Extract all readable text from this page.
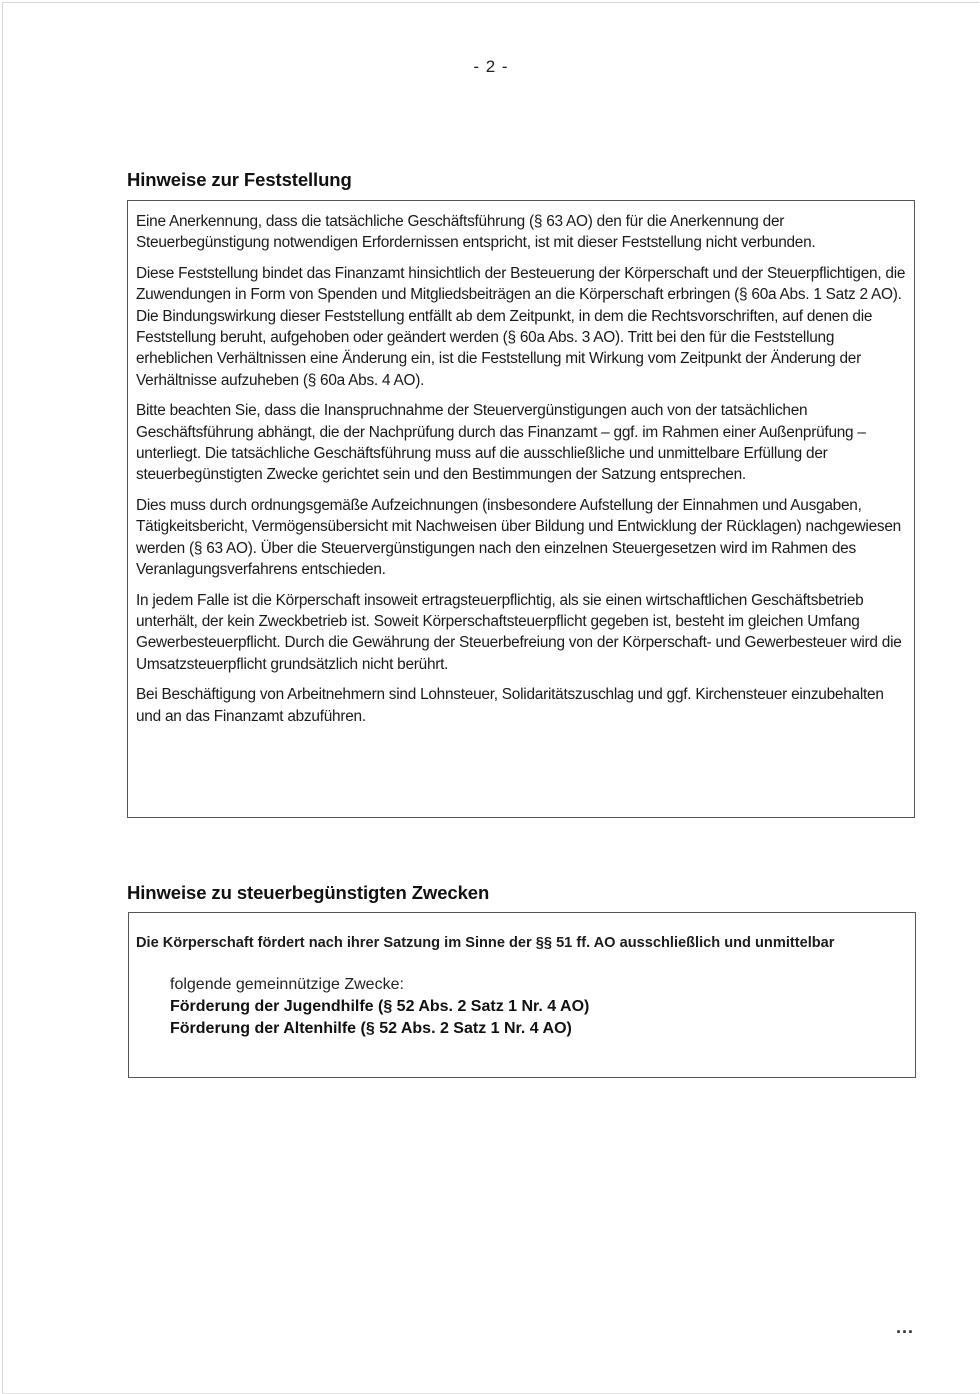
- 2 -
Hinweise zur Feststellung

Eine Anerkennung, dass die tatsächliche Geschäftsführung (§ 63 AO) den für die Anerkennung der Steuerbegünstigung notwendigen Erfordernissen entspricht, ist mit dieser Feststellung nicht verbunden.

Diese Feststellung bindet das Finanzamt hinsichtlich der Besteuerung der Körperschaft und der Steuerpflichtigen, die Zuwendungen in Form von Spenden und Mitgliedsbeiträgen an die Körperschaft erbringen (§ 60a Abs. 1 Satz 2 AO). Die Bindungswirkung dieser Feststellung entfällt ab dem Zeitpunkt, in dem die Rechtsvorschriften, auf denen die Feststellung beruht, aufgehoben oder geändert werden (§ 60a Abs. 3 AO). Tritt bei den für die Feststellung erheblichen Verhältnissen eine Änderung ein, ist die Feststellung mit Wirkung vom Zeitpunkt der Änderung der Verhältnisse aufzuheben (§ 60a Abs. 4 AO).

Bitte beachten Sie, dass die Inanspruchnahme der Steuervergünstigungen auch von der tatsächlichen Geschäftsführung abhängt, die der Nachprüfung durch das Finanzamt – ggf. im Rahmen einer Außenprüfung – unterliegt. Die tatsächliche Geschäftsführung muss auf die ausschließliche und unmittelbare Erfüllung der steuerbegünstigten Zwecke gerichtet sein und den Bestimmungen der Satzung entsprechen.

Dies muss durch ordnungsgemäße Aufzeichnungen (insbesondere Aufstellung der Einnahmen und Ausgaben, Tätigkeitsbericht, Vermögensübersicht mit Nachweisen über Bildung und Entwicklung der Rücklagen) nachgewiesen werden (§ 63 AO). Über die Steuervergünstigungen nach den einzelnen Steuergesetzen wird im Rahmen des Veranlagungsverfahrens entschieden.

In jedem Falle ist die Körperschaft insoweit ertragsteuerpflichtig, als sie einen wirtschaftlichen Geschäftsbetrieb unterhält, der kein Zweckbetrieb ist. Soweit Körperschaftsteuerpflicht gegeben ist, besteht im gleichen Umfang Gewerbesteuerpflicht. Durch die Gewährung der Steuerbefreiung von der Körperschaft- und Gewerbesteuer wird die Umsatzsteuerpflicht grundsätzlich nicht berührt.

Bei Beschäftigung von Arbeitnehmern sind Lohnsteuer, Solidaritätszuschlag und ggf. Kirchensteuer einzubehalten und an das Finanzamt abzuführen.

Hinweise zu steuerbegünstigten Zwecken

Die Körperschaft fördert nach ihrer Satzung im Sinne der §§ 51 ff. AO ausschließlich und unmittelbar

folgende gemeinnützige Zwecke:
Förderung der Jugendhilfe (§ 52 Abs. 2 Satz 1 Nr. 4 AO)
Förderung der Altenhilfe (§ 52 Abs. 2 Satz 1 Nr. 4 AO)
...
